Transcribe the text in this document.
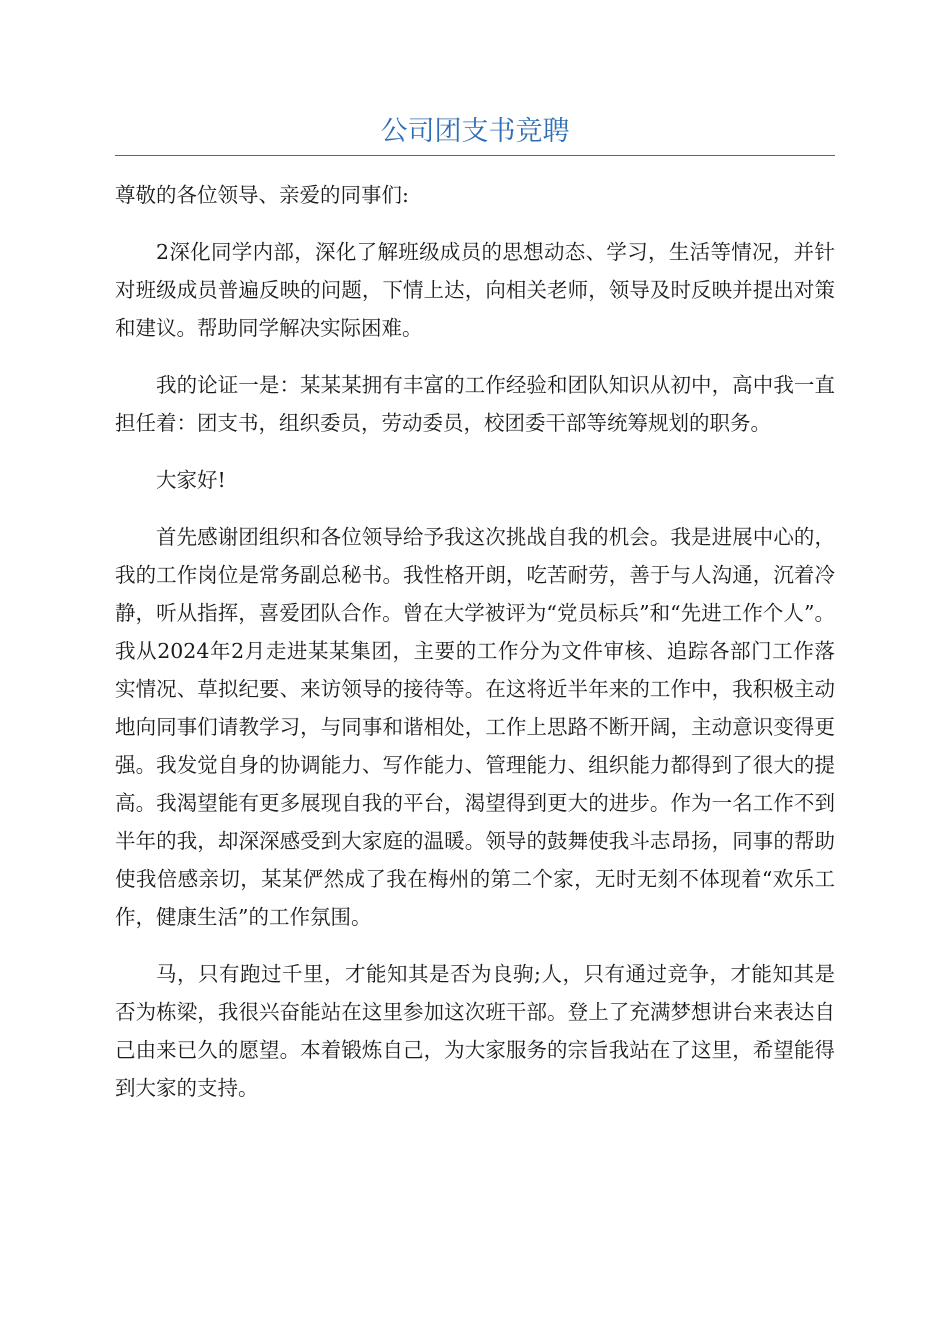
公司团支书竞聘

尊敬的各位领导、亲爱的同事们:

2深化同学内部，深化了解班级成员的思想动态、学习，生活等情况，并针对班级成员普遍反映的问题，下情上达，向相关老师，领导及时反映并提出对策和建议。帮助同学解决实际困难。

我的论证一是：某某某拥有丰富的工作经验和团队知识从初中，高中我一直担任着：团支书，组织委员，劳动委员，校团委干部等统筹规划的职务。

大家好!

首先感谢团组织和各位领导给予我这次挑战自我的机会。我是进展中心的，我的工作岗位是常务副总秘书。我性格开朗，吃苦耐劳，善于与人沟通，沉着冷静，听从指挥，喜爱团队合作。曾在大学被评为“党员标兵”和“先进工作个人”。我从2024年2月走进某某集团，主要的工作分为文件审核、追踪各部门工作落实情况、草拟纪要、来访领导的接待等。在这将近半年来的工作中，我积极主动地向同事们请教学习，与同事和谐相处，工作上思路不断开阔，主动意识变得更强。我发觉自身的协调能力、写作能力、管理能力、组织能力都得到了很大的提高。我渴望能有更多展现自我的平台，渴望得到更大的进步。作为一名工作不到半年的我，却深深感受到大家庭的温暖。领导的鼓舞使我斗志昂扬，同事的帮助使我倍感亲切，某某俨然成了我在梅州的第二个家，无时无刻不体现着“欢乐工作，健康生活”的工作氛围。

马，只有跑过千里，才能知其是否为良驹;人，只有通过竞争，才能知其是否为栋梁，我很兴奋能站在这里参加这次班干部。登上了充满梦想讲台来表达自己由来已久的愿望。本着锻炼自己，为大家服务的宗旨我站在了这里，希望能得到大家的支持。
